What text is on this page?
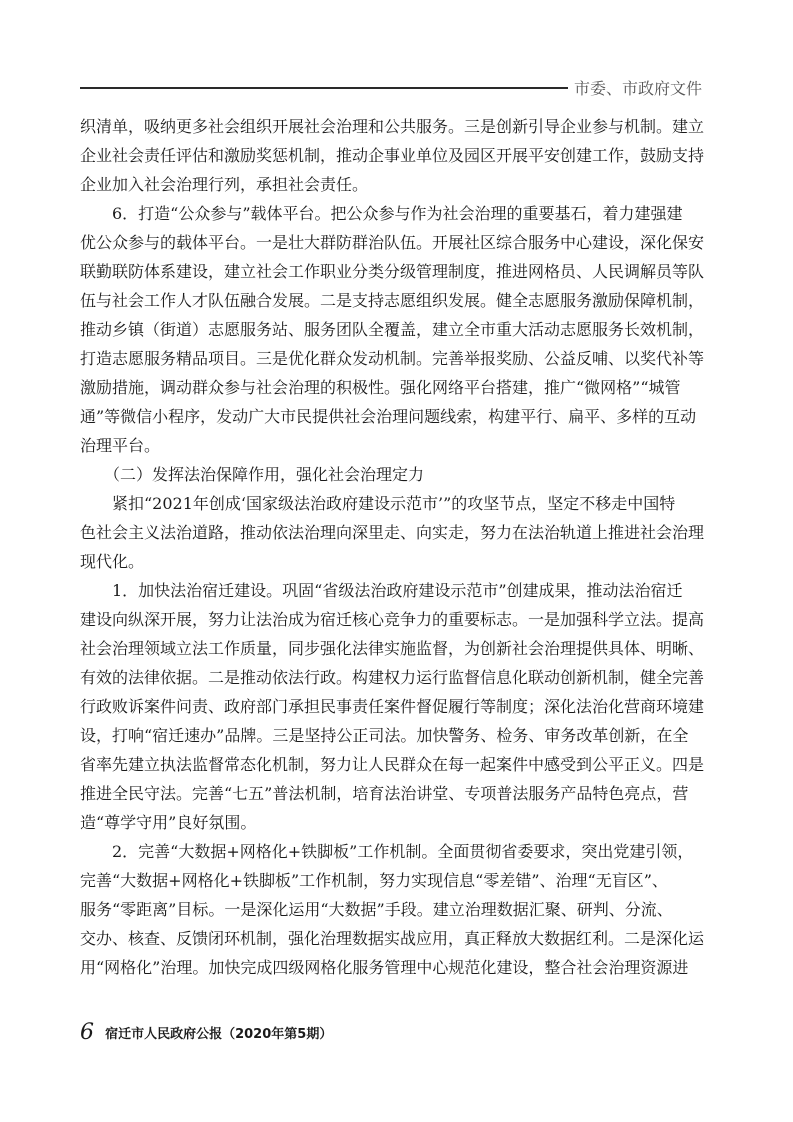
市委、市政府文件
织清单，吸纳更多社会组织开展社会治理和公共服务。三是创新引导企业参与机制。建立
企业社会责任评估和激励奖惩机制，推动企事业单位及园区开展平安创建工作，鼓励支持
企业加入社会治理行列，承担社会责任。
　　6．打造“公众参与”载体平台。把公众参与作为社会治理的重要基石，着力建强建
优公众参与的载体平台。一是壮大群防群治队伍。开展社区综合服务中心建设，深化保安
联勤联防体系建设，建立社会工作职业分类分级管理制度，推进网格员、人民调解员等队
伍与社会工作人才队伍融合发展。二是支持志愿组织发展。健全志愿服务激励保障机制，
推动乡镇（街道）志愿服务站、服务团队全覆盖，建立全市重大活动志愿服务长效机制，
打造志愿服务精品项目。三是优化群众发动机制。完善举报奖励、公益反哺、以奖代补等
激励措施，调动群众参与社会治理的积极性。强化网络平台搭建，推广“微网格”“城管
通”等微信小程序，发动广大市民提供社会治理问题线索，构建平行、扁平、多样的互动
治理平台。
　　（二）发挥法治保障作用，强化社会治理定力
　　紧扣“2021年创成‘国家级法治政府建设示范市’”的攻坚节点，坚定不移走中国特
色社会主义法治道路，推动依法治理向深里走、向实走，努力在法治轨道上推进社会治理
现代化。
　　1．加快法治宿迁建设。巩固“省级法治政府建设示范市”创建成果，推动法治宿迁
建设向纵深开展，努力让法治成为宿迁核心竞争力的重要标志。一是加强科学立法。提高
社会治理领域立法工作质量，同步强化法律实施监督，为创新社会治理提供具体、明晰、
有效的法律依据。二是推动依法行政。构建权力运行监督信息化联动创新机制，健全完善
行政败诉案件问责、政府部门承担民事责任案件督促履行等制度；深化法治化营商环境建
设，打响“宿迁速办”品牌。三是坚持公正司法。加快警务、检务、审务改革创新，在全
省率先建立执法监督常态化机制，努力让人民群众在每一起案件中感受到公平正义。四是
推进全民守法。完善“七五”普法机制，培育法治讲堂、专项普法服务产品特色亮点，营
造“尊学守用”良好氛围。
　　2．完善“大数据+网格化+铁脚板”工作机制。全面贯彻省委要求，突出党建引领，
完善“大数据+网格化+铁脚板”工作机制，努力实现信息“零差错”、治理“无盲区”、
服务“零距离”目标。一是深化运用“大数据”手段。建立治理数据汇聚、研判、分流、
交办、核查、反馈闭环机制，强化治理数据实战应用，真正释放大数据红利。二是深化运
用“网格化”治理。加快完成四级网格化服务管理中心规范化建设，整合社会治理资源进
6 宿迁市人民政府公报（2020年第5期）
